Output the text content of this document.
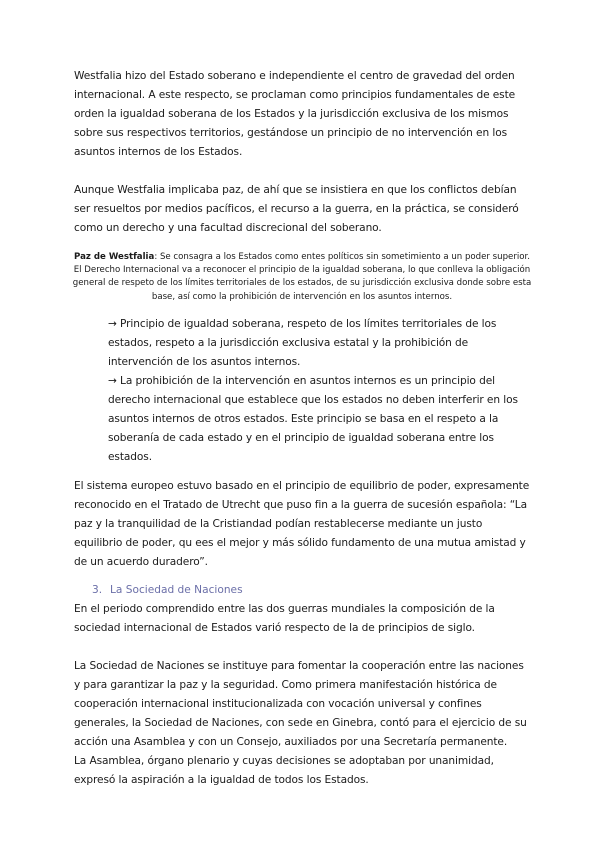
Westfalia hizo del Estado soberano e independiente el centro de gravedad del orden internacional. A este respecto, se proclaman como principios fundamentales de este orden la igualdad soberana de los Estados y la jurisdicción exclusiva de los mismos sobre sus respectivos territorios, gestándose un principio de no intervención en los asuntos internos de los Estados.

Aunque Westfalia implicaba paz, de ahí que se insistiera en que los conflictos debían ser resueltos por medios pacíficos, el recurso a la guerra, en la práctica, se consideró como un derecho y una facultad discrecional del soberano.

Paz de Westfalia: Se consagra a los Estados como entes políticos sin sometimiento a un poder superior. El Derecho Internacional va a reconocer el principio de la igualdad soberana, lo que conlleva la obligación general de respeto de los límites territoriales de los estados, de su jurisdicción exclusiva donde sobre esta base, así como la prohibición de intervención en los asuntos internos.

→ Principio de igualdad soberana, respeto de los límites territoriales de los estados, respeto a la jurisdicción exclusiva estatal y la prohibición de intervención de los asuntos internos.

→ La prohibición de la intervención en asuntos internos es un principio del derecho internacional que establece que los estados no deben interferir en los asuntos internos de otros estados. Este principio se basa en el respeto a la soberanía de cada estado y en el principio de igualdad soberana entre los estados.

El sistema europeo estuvo basado en el principio de equilibrio de poder, expresamente reconocido en el Tratado de Utrecht que puso fin a la guerra de sucesión española: “La paz y la tranquilidad de la Cristiandad podían restablecerse mediante un justo equilibrio de poder, qu ees el mejor y más sólido fundamento de una mutua amistad y de un acuerdo duradero”.

3. La Sociedad de Naciones

En el periodo comprendido entre las dos guerras mundiales la composición de la sociedad internacional de Estados varió respecto de la de principios de siglo.

La Sociedad de Naciones se instituye para fomentar la cooperación entre las naciones y para garantizar la paz y la seguridad. Como primera manifestación histórica de cooperación internacional institucionalizada con vocación universal y confines generales, la Sociedad de Naciones, con sede en Ginebra, contó para el ejercicio de su acción una Asamblea y con un Consejo, auxiliados por una Secretaría permanente.

La Asamblea, órgano plenario y cuyas decisiones se adoptaban por unanimidad, expresó la aspiración a la igualdad de todos los Estados.
